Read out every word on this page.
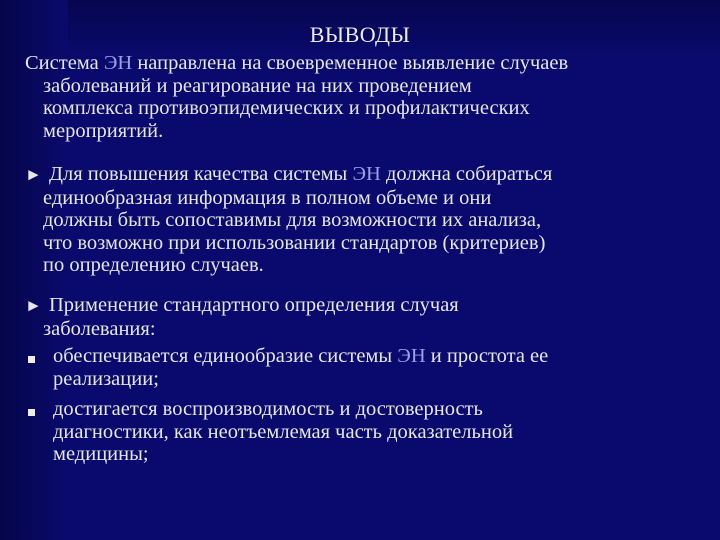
ВЫВОДЫ
Система ЭН направлена на своевременное выявление случаев
заболеваний и реагирование на них проведением
комплекса противоэпидемических и профилактических
мероприятий.
► Для повышения качества системы ЭН должна собираться
единообразная информация в полном объеме и они
должны быть сопоставимы для возможности их анализа,
что возможно при использовании стандартов (критериев)
по определению случаев.
► Применение стандартного определения случая
заболевания:
обеспечивается единообразие системы ЭН и простота ее
реализации;
достигается воспроизводимость и достоверность
диагностики, как неотъемлемая часть доказательной
медицины;
